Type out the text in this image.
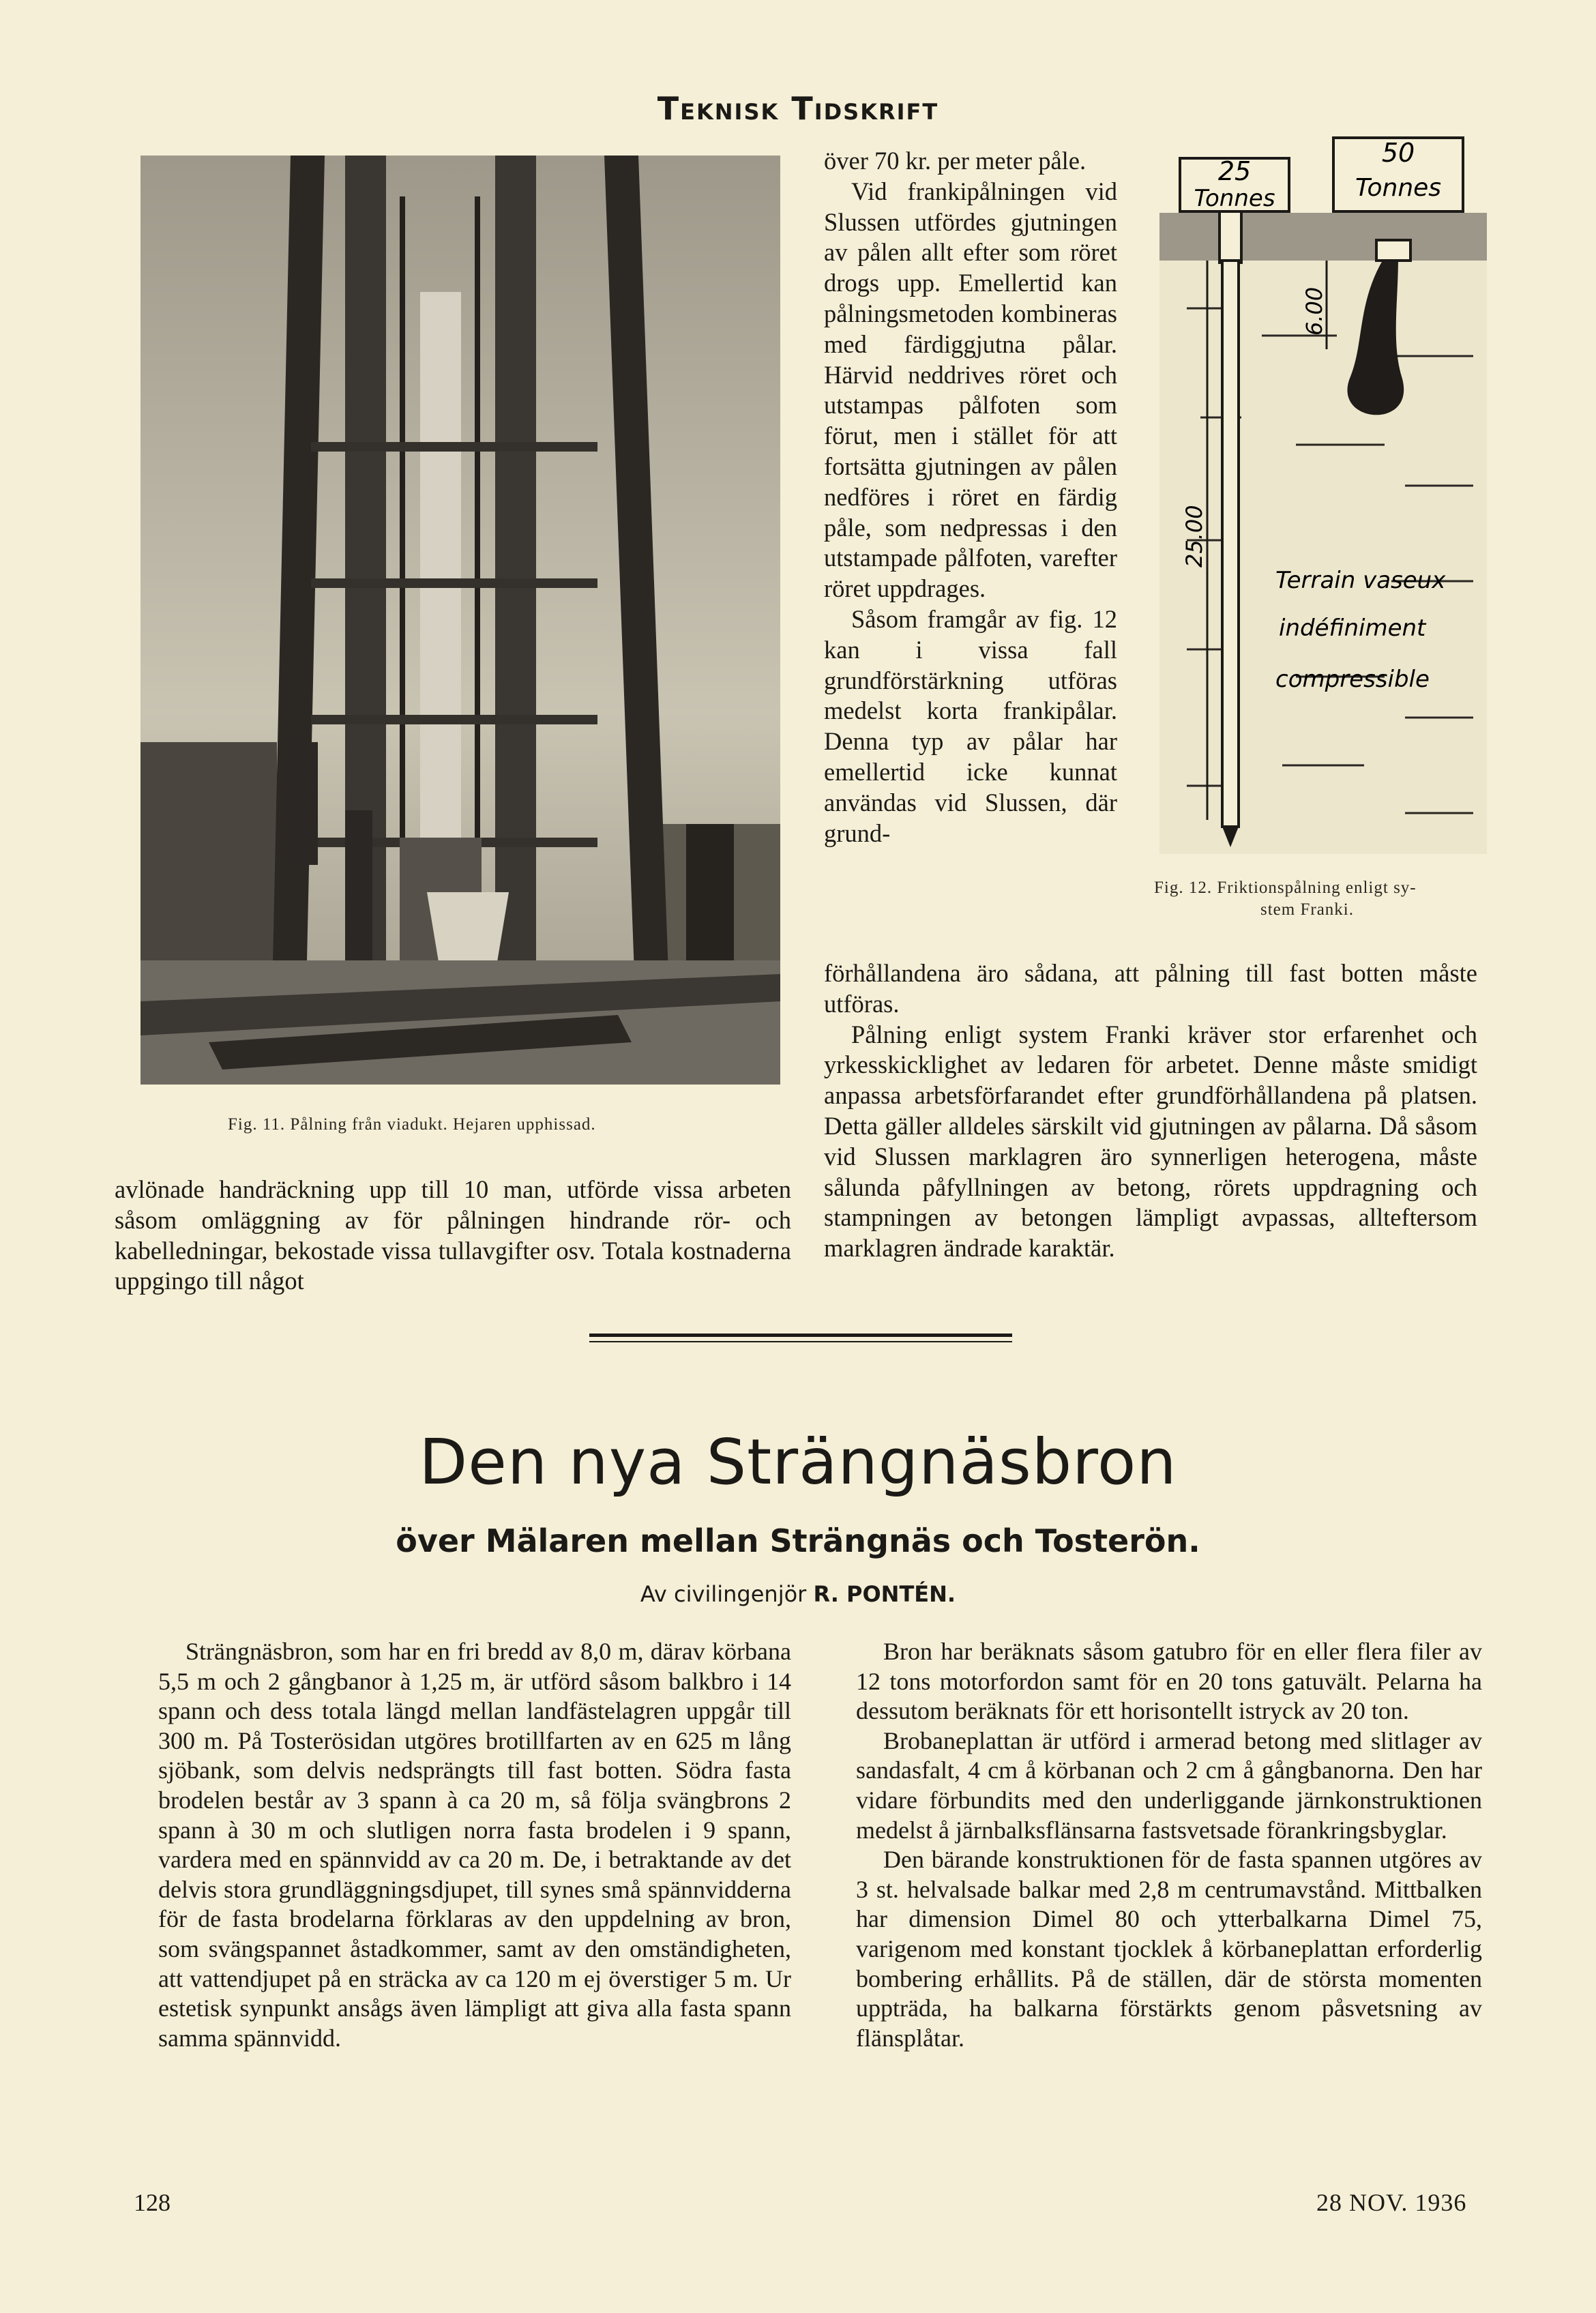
Teknisk Tidskrift
Fig. 11. Pålning från viadukt. Hejaren upphissad.

över 70 kr. per meter påle.

Vid frankipålningen vid Slussen utfördes gjutningen av pålen allt efter som röret drogs upp. Emellertid kan pålningsmetoden kombineras med färdiggjutna pålar. Härvid neddrives röret och utstampas pålfoten som förut, men i stället för att fortsätta gjutningen av pålen nedföres i röret en färdig påle, som nedpressas i den utstampade pålfoten, varefter röret uppdrages.

Såsom framgår av fig. 12 kan i vissa fall grundförstärkning utföras medelst korta frankipålar. Denna typ av pålar har emellertid icke kunnat användas vid Slussen, där grund-

25
Tonnes
50
Tonnes
6.00
25.00
Terrain vaseux
indéfiniment
compressible
Fig. 12. Friktionspålning enligt sy-
stem Franki.

förhållandena äro sådana, att pålning till fast botten måste utföras.

Pålning enligt system Franki kräver stor erfarenhet och yrkesskicklighet av ledaren för arbetet. Denne måste smidigt anpassa arbetsförfarandet efter grundförhållandena på platsen. Detta gäller alldeles särskilt vid gjutningen av pålarna. Då såsom vid Slussen marklagren äro synnerligen heterogena, måste sålunda påfyllningen av betong, rörets uppdragning och stampningen av betongen lämpligt avpassas, allteftersom marklagren ändrade karaktär.

avlönade handräckning upp till 10 man, utförde vissa arbeten såsom omläggning av för pålningen hindrande rör- och kabelledningar, bekostade vissa tullavgifter osv. Totala kostnaderna uppgingo till något

Den nya Strängnäsbron
över Mälaren mellan Strängnäs och Tosterön.
Av civilingenjör R. PONTÉN.

Strängnäsbron, som har en fri bredd av 8,0 m, därav körbana 5,5 m och 2 gångbanor à 1,25 m, är utförd såsom balkbro i 14 spann och dess totala längd mellan landfästelagren uppgår till 300 m. På Tosterösidan utgöres brotillfarten av en 625 m lång sjöbank, som delvis nedsprängts till fast botten. Södra fasta brodelen består av 3 spann à ca 20 m, så följa svängbrons 2 spann à 30 m och slutligen norra fasta brodelen i 9 spann, vardera med en spännvidd av ca 20 m. De, i betraktande av det delvis stora grundläggningsdjupet, till synes små spännvidderna för de fasta brodelarna förklaras av den uppdelning av bron, som svängspannet åstadkommer, samt av den omständigheten, att vattendjupet på en sträcka av ca 120 m ej överstiger 5 m. Ur estetisk synpunkt ansågs även lämpligt att giva alla fasta spann samma spännvidd.

Bron har beräknats såsom gatubro för en eller flera filer av 12 tons motorfordon samt för en 20 tons gatuvält. Pelarna ha dessutom beräknats för ett horisontellt istryck av 20 ton.

Brobaneplattan är utförd i armerad betong med slitlager av sandasfalt, 4 cm å körbanan och 2 cm å gångbanorna. Den har vidare förbundits med den underliggande järnkonstruktionen medelst å järnbalksflänsarna fastsvetsade förankringsbyglar.

Den bärande konstruktionen för de fasta spannen utgöres av 3 st. helvalsade balkar med 2,8 m centrumavstånd. Mittbalken har dimension Dimel 80 och ytterbalkarna Dimel 75, varigenom med konstant tjocklek å körbaneplattan erforderlig bombering erhållits. På de ställen, där de största momenten uppträda, ha balkarna förstärkts genom påsvetsning av flänsplåtar.

128	28 NOV. 1936
